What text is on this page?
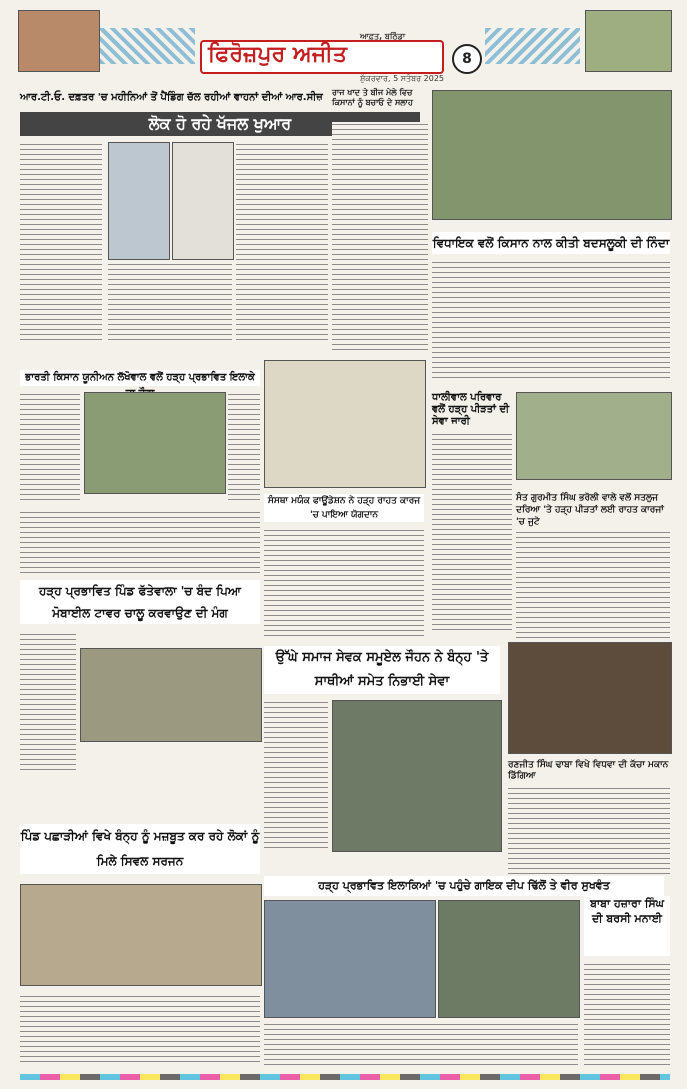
ਆਫ਼ਤ, ਬਠਿੰਡਾ
ਫਿਰੋਜ਼ਪੁਰ ਅਜੀਤ
ਸ਼ੁੱਕਰਵਾਰ, 5 ਸਤੰਬਰ 2025
8
ਆਰ.ਟੀ.ਓ. ਦਫ਼ਤਰ 'ਚ ਮਹੀਨਿਆਂ ਤੋਂ ਪੈਂਡਿੰਗ ਚੱਲ ਰਹੀਆਂ ਵਾਹਨਾਂ ਦੀਆਂ ਆਰ.ਸੀਜ਼
ਲੋਕ ਹੋ ਰਹੇ ਖੱਜਲ ਖੁਆਰ
ਰਾਜ ਖਾਦ ਤੇ ਬੀਜ ਮੇਲੇ ਵਿਚ ਕਿਸਾਨਾਂ ਨੂੰ ਬਚਾਓ ਦੇ ਸਲਾਹ
ਵਿਧਾਇਕ ਵਲੋਂ ਕਿਸਾਨ ਨਾਲ ਕੀਤੀ ਬਦਸਲੂਕੀ ਦੀ ਨਿੰਦਾ
ਭਾਰਤੀ ਕਿਸਾਨ ਯੂਨੀਅਨ ਲੱਖੋਵਾਲ ਵਲੋਂ ਹੜ੍ਹ ਪ੍ਰਭਾਵਿਤ ਇਲਾਕੇ
ਸੰਸਥਾ ਮਯੰਕ ਫਾਊਂਡੇਸ਼ਨ ਨੇ ਹੜ੍ਹ ਰਾਹਤ ਕਾਰਜ 'ਚ ਪਾਇਆ ਯੋਗਦਾਨ
ਧਾਲੀਵਾਲ ਪਰਿਵਾਰ ਵਲੋਂ ਹੜ੍ਹ ਪੀੜਤਾਂ ਦੀ ਸੇਵਾ ਜਾਰੀ
ਸੰਤ ਗੁਰਮੀਤ ਸਿੰਘ ਭਰੋਲੀ ਵਾਲੇ ਵਲੋਂ ਸਤਲੁਜ ਦਰਿਆ 'ਤੇ ਹੜ੍ਹ ਪੀੜਤਾਂ ਲਈ ਰਾਹਤ ਕਾਰਜਾਂ 'ਚ ਜੁਟੇ
ਹੜ੍ਹ ਪ੍ਰਭਾਵਿਤ ਪਿੰਡ ਫੱਤੇਵਾਲਾ 'ਚ ਬੰਦ ਪਿਆ ਮੋਬਾਈਲ ਟਾਵਰ ਚਾਲੂ ਕਰਵਾਉਣ ਦੀ ਮੰਗ
ਉੱਘੇ ਸਮਾਜ ਸੇਵਕ ਸਮੂਏਲ ਜੌਹਨ ਨੇ ਬੰਨ੍ਹ 'ਤੇ ਸਾਥੀਆਂ ਸਮੇਤ ਨਿਭਾਈ ਸੇਵਾ
ਰਣਜੀਤ ਸਿੰਘ ਢਾਬਾ ਵਿਖੇ ਵਿਧਵਾ ਦੀ ਕੱਚਾ ਮਕਾਨ ਡਿੱਗਿਆ
ਪਿੰਡ ਪਛਾੜੀਆਂ ਵਿਖੇ ਬੰਨ੍ਹ ਨੂੰ ਮਜ਼ਬੂਤ ਕਰ ਰਹੇ ਲੋਕਾਂ ਨੂੰ ਮਿਲੇ ਸਿਵਲ ਸਰਜਨ
ਹੜ੍ਹ ਪ੍ਰਭਾਵਿਤ ਇਲਾਕਿਆਂ 'ਚ ਪਹੁੰਚੇ ਗਾਇਕ ਦੀਪ ਢਿੱਲੋਂ ਤੇ ਵੀਰ ਸੁਖਵੰਤ
ਬਾਬਾ ਹਜ਼ਾਰਾ ਸਿੰਘ ਦੀ ਬਰਸੀ ਮਨਾਈ
